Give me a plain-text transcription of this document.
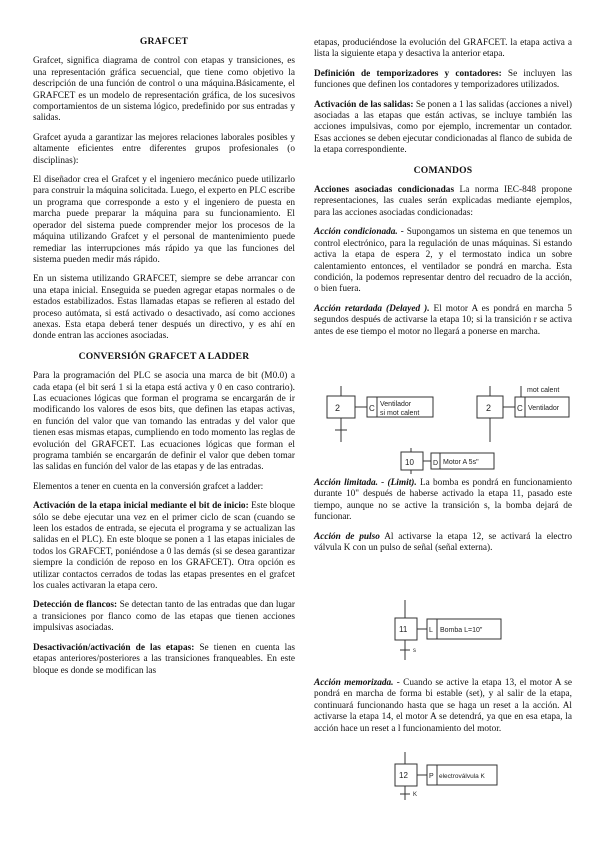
GRAFCET

Grafcet, significa diagrama de control con etapas y transiciones, es una representación gráfica secuencial, que tiene como objetivo la descripción de una función de control o una máquina.Básicamente, el GRAFCET es un modelo de representación gráfica, de los sucesivos comportamientos de un sistema lógico, predefinido por sus entradas y salidas.

Grafcet ayuda a garantizar las mejores relaciones laborales posibles y altamente eficientes entre diferentes grupos profesionales (o disciplinas):

El diseñador crea el Grafcet y el ingeniero mecánico puede utilizarlo para construir la máquina solicitada. Luego, el experto en PLC escribe un programa que corresponde a esto y el ingeniero de puesta en marcha puede preparar la máquina para su funcionamiento. El operador del sistema puede comprender mejor los procesos de la máquina utilizando Grafcet y el personal de mantenimiento puede remediar las interrupciones más rápido ya que las funciones del sistema pueden medir más rápido.

En un sistema utilizando GRAFCET, siempre se debe arrancar con una etapa inicial. Enseguida se pueden agregar etapas normales o de estados estabilizados. Estas llamadas etapas se refieren al estado del proceso autómata, si está activado o desactivado, así como acciones anexas. Esta etapa deberá tener después un directivo, y es ahí en donde entran las acciones asociadas.

CONVERSIÓN GRAFCET A LADDER

Para la programación del PLC se asocia una marca de bit (M0.0) a cada etapa (el bit será 1 si la etapa está activa y 0 en caso contrario). Las ecuaciones lógicas que forman el programa se encargarán de ir modificando los valores de esos bits, que definen las etapas activas, en función del valor que van tomando las entradas y del valor que tienen esas mismas etapas, cumpliendo en todo momento las reglas de evolución del GRAFCET. Las ecuaciones lógicas que forman el programa también se encargarán de definir el valor que deben tomar las salidas en función del valor de las etapas y de las entradas.

Elementos a tener en cuenta en la conversión grafcet a ladder:

Activación de la etapa inicial mediante el bit de inicio: Este bloque sólo se debe ejecutar una vez en el primer ciclo de scan (cuando se leen los estados de entrada, se ejecuta el programa y se actualizan las salidas en el PLC). En este bloque se ponen a 1 las etapas iniciales de todos los GRAFCET, poniéndose a 0 las demás (si se desea garantizar siempre la condición de reposo en los GRAFCET). Otra opción es utilizar contactos cerrados de todas las etapas presentes en el grafcet los cuales activaran la etapa cero.

Detección de flancos: Se detectan tanto de las entradas que dan lugar a transiciones por flanco como de las etapas que tienen acciones impulsivas asociadas.

Desactivación/activación de las etapas: Se tienen en cuenta las etapas anteriores/posteriores a las transiciones franqueables. En este bloque es donde se modifican las

etapas, produciéndose la evolución del GRAFCET. la etapa activa a lista la siguiente etapa y desactiva la anterior etapa.

Definición de temporizadores y contadores: Se incluyen las funciones que definen los contadores y temporizadores utilizados.

Activación de las salidas: Se ponen a 1 las salidas (acciones a nivel) asociadas a las etapas que están activas, se incluye también las acciones impulsivas, como por ejemplo, incrementar un contador. Esas acciones se deben ejecutar condicionadas al flanco de subida de la etapa correspondiente.

COMANDOS

Acciones asociadas condicionadas La norma IEC-848 propone representaciones, las cuales serán explicadas mediante ejemplos, para las acciones asociadas condicionadas:

Acción condicionada. - Supongamos un sistema en que tenemos un control electrónico, para la regulación de unas máquinas. Si estando activa la etapa de espera 2, y el termostato indica un sobre calentamiento entonces, el ventilador se pondrá en marcha. Esta condición, la podemos representar dentro del recuadro de la acción, o bien fuera.

Acción retardada (Delayed ). El motor A es pondrá en marcha 5 segundos después de activarse la etapa 10; si la transición r se activa antes de ese tiempo el motor no llegará a ponerse en marcha.

2	C Ventilador
si mot calent
mot calent
2	C Ventilador
10	D Motor A 5s"

Acción limitada. - (Limit). La bomba es pondrá en funcionamiento durante 10" después de haberse activado la etapa 11, pasado este tiempo, aunque no se active la transición s, la bomba dejará de funcionar.

Acción de pulso Al activarse la etapa 12, se activará la electro válvula K con un pulso de señal (señal externa).

11	L Bomba L=10"
s

Acción memorizada. - Cuando se active la etapa 13, el motor A se pondrá en marcha de forma bi estable (set), y al salir de la etapa, continuará funcionando hasta que se haga un reset a la acción. Al activarse la etapa 14, el motor A se detendrá, ya que en esa etapa, la acción hace un reset a l funcionamiento del motor.

12	P electroválvula K
K
